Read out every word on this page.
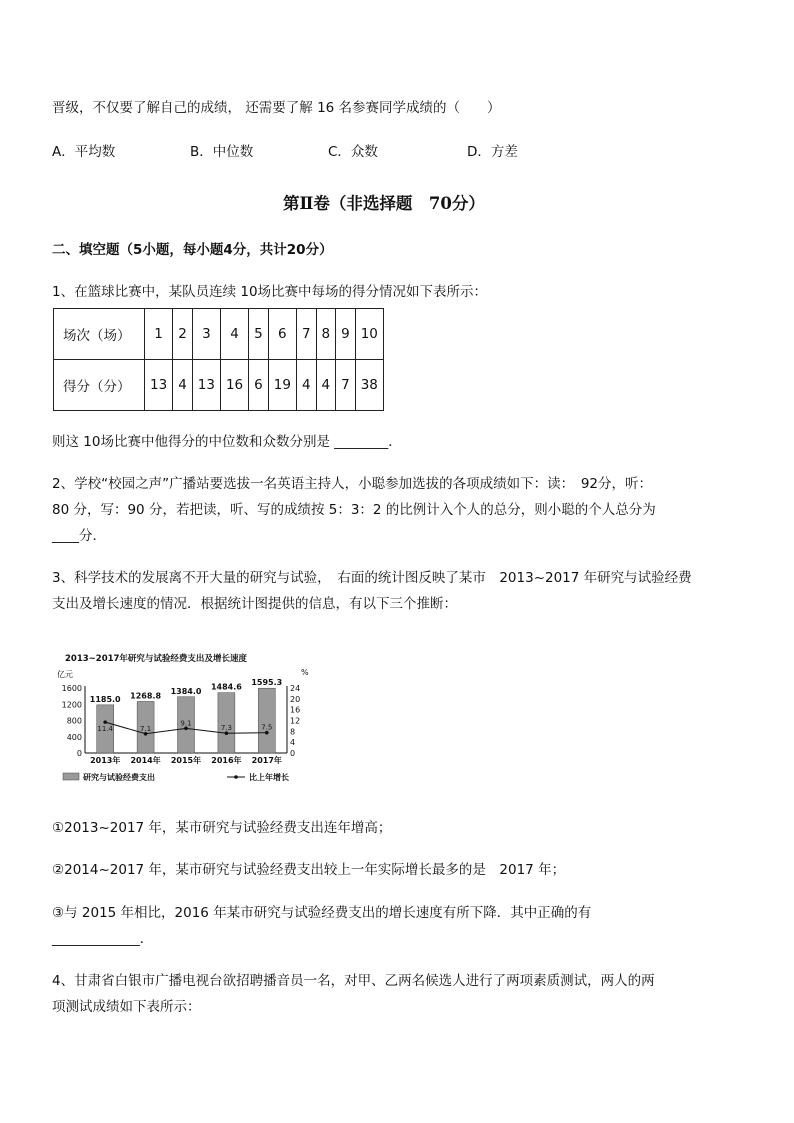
晋级，不仅要了解自己的成绩， 还需要了解 16 名参赛同学成绩的（　　）
A．平均数	B．中位数	C．众数	D．方差
第Ⅱ卷（非选择题　70分）
二、填空题（5小题，每小题4分，共计20分）
1、在篮球比赛中，某队员连续 10场比赛中每场的得分情况如下表所示：
场次（场）	1	2	3	4	5	6	7	8	9	10
得分（分）	13	4	13	16	6	19	4	4	7	38
则这 10场比赛中他得分的中位数和众数分别是 ________．
2、学校“校园之声”广播站要选拔一名英语主持人，小聪参加选拔的各项成绩如下：读：　92分，听：
80 分，写：90 分，若把读，听、写的成绩按 5：3：2 的比例计入个人的总分，则小聪的个人总分为
____分．
3、科学技术的发展离不开大量的研究与试验，　右面的统计图反映了某市　2013~2017 年研究与试验经费
支出及增长速度的情况．根据统计图提供的信息，有以下三个推断：
2013~2017年研究与试验经费支出及增长速度
亿元	%
1600
1200
800
400
0
24
20
16
12
8
4
0
2013年 2014年 2015年 2016年 2017年
1185.0 1268.8
1384.0 1484.6 1595.3
11.4	7.1
9.1
7.3	7.5
研究与试验经费支出	比上年增长
①2013~2017 年，某市研究与试验经费支出连年增高；
②2014~2017 年，某市研究与试验经费支出较上一年实际增长最多的是　2017 年；
③与 2015 年相比，2016 年某市研究与试验经费支出的增长速度有所下降．其中正确的有
_____________．
4、甘肃省白银市广播电视台欲招聘播音员一名，对甲、乙两名候选人进行了两项素质测试，两人的两
项测试成绩如下表所示：
